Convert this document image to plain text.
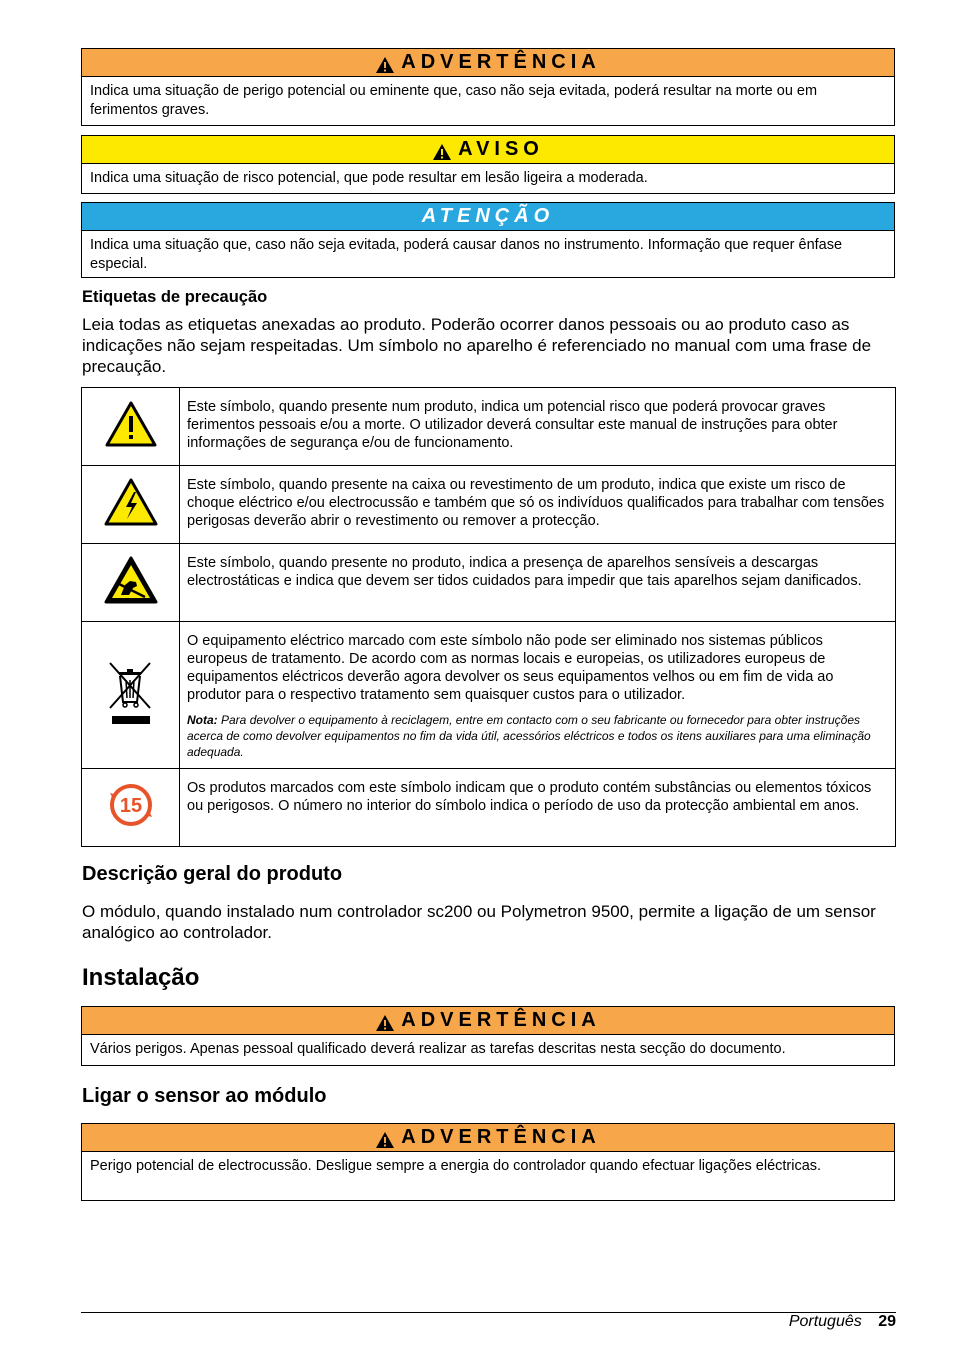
ADVERTÊNCIA
Indica uma situação de perigo potencial ou eminente que, caso não seja evitada, poderá resultar na morte ou em ferimentos graves.
AVISO
Indica uma situação de risco potencial, que pode resultar em lesão ligeira a moderada.
ATENÇÃO
Indica uma situação que, caso não seja evitada, poderá causar danos no instrumento. Informação que requer ênfase especial.
Etiquetas de precaução
Leia todas as etiquetas anexadas ao produto. Poderão ocorrer danos pessoais ou ao produto caso as indicações não sejam respeitadas. Um símbolo no aparelho é referenciado no manual com uma frase de precaução.
	Este símbolo, quando presente num produto, indica um potencial risco que poderá provocar graves ferimentos pessoais e/ou a morte. O utilizador deverá consultar este manual de instruções para obter informações de segurança e/ou de funcionamento.
	Este símbolo, quando presente na caixa ou revestimento de um produto, indica que existe um risco de choque eléctrico e/ou electrocussão e também que só os indivíduos qualificados para trabalhar com tensões perigosas deverão abrir o revestimento ou remover a protecção.
	Este símbolo, quando presente no produto, indica a presença de aparelhos sensíveis a descargas electrostáticas e indica que devem ser tidos cuidados para impedir que tais aparelhos sejam danificados.

O equipamento eléctrico marcado com este símbolo não pode ser eliminado nos sistemas públicos europeus de tratamento. De acordo com as normas locais e europeias, os utilizadores europeus de equipamentos eléctricos deverão agora devolver os seus equipamentos velhos ou em fim de vida ao produtor para o respectivo tratamento sem quaisquer custos para o utilizador.
Nota: Para devolver o equipamento à reciclagem, entre em contacto com o seu fabricante ou fornecedor para obter instruções acerca de como devolver equipamentos no fim da vida útil, acessórios eléctricos e todos os itens auxiliares para uma eliminação adequada.

15	Os produtos marcados com este símbolo indicam que o produto contém substâncias ou elementos tóxicos ou perigosos. O número no interior do símbolo indica o período de uso da protecção ambiental em anos.
Descrição geral do produto
O módulo, quando instalado num controlador sc200 ou Polymetron 9500, permite a ligação de um sensor analógico ao controlador.
Instalação
ADVERTÊNCIA
Vários perigos. Apenas pessoal qualificado deverá realizar as tarefas descritas nesta secção do documento.
Ligar o sensor ao módulo
ADVERTÊNCIA
Perigo potencial de electrocussão. Desligue sempre a energia do controlador quando efectuar ligações eléctricas.
Português 29
